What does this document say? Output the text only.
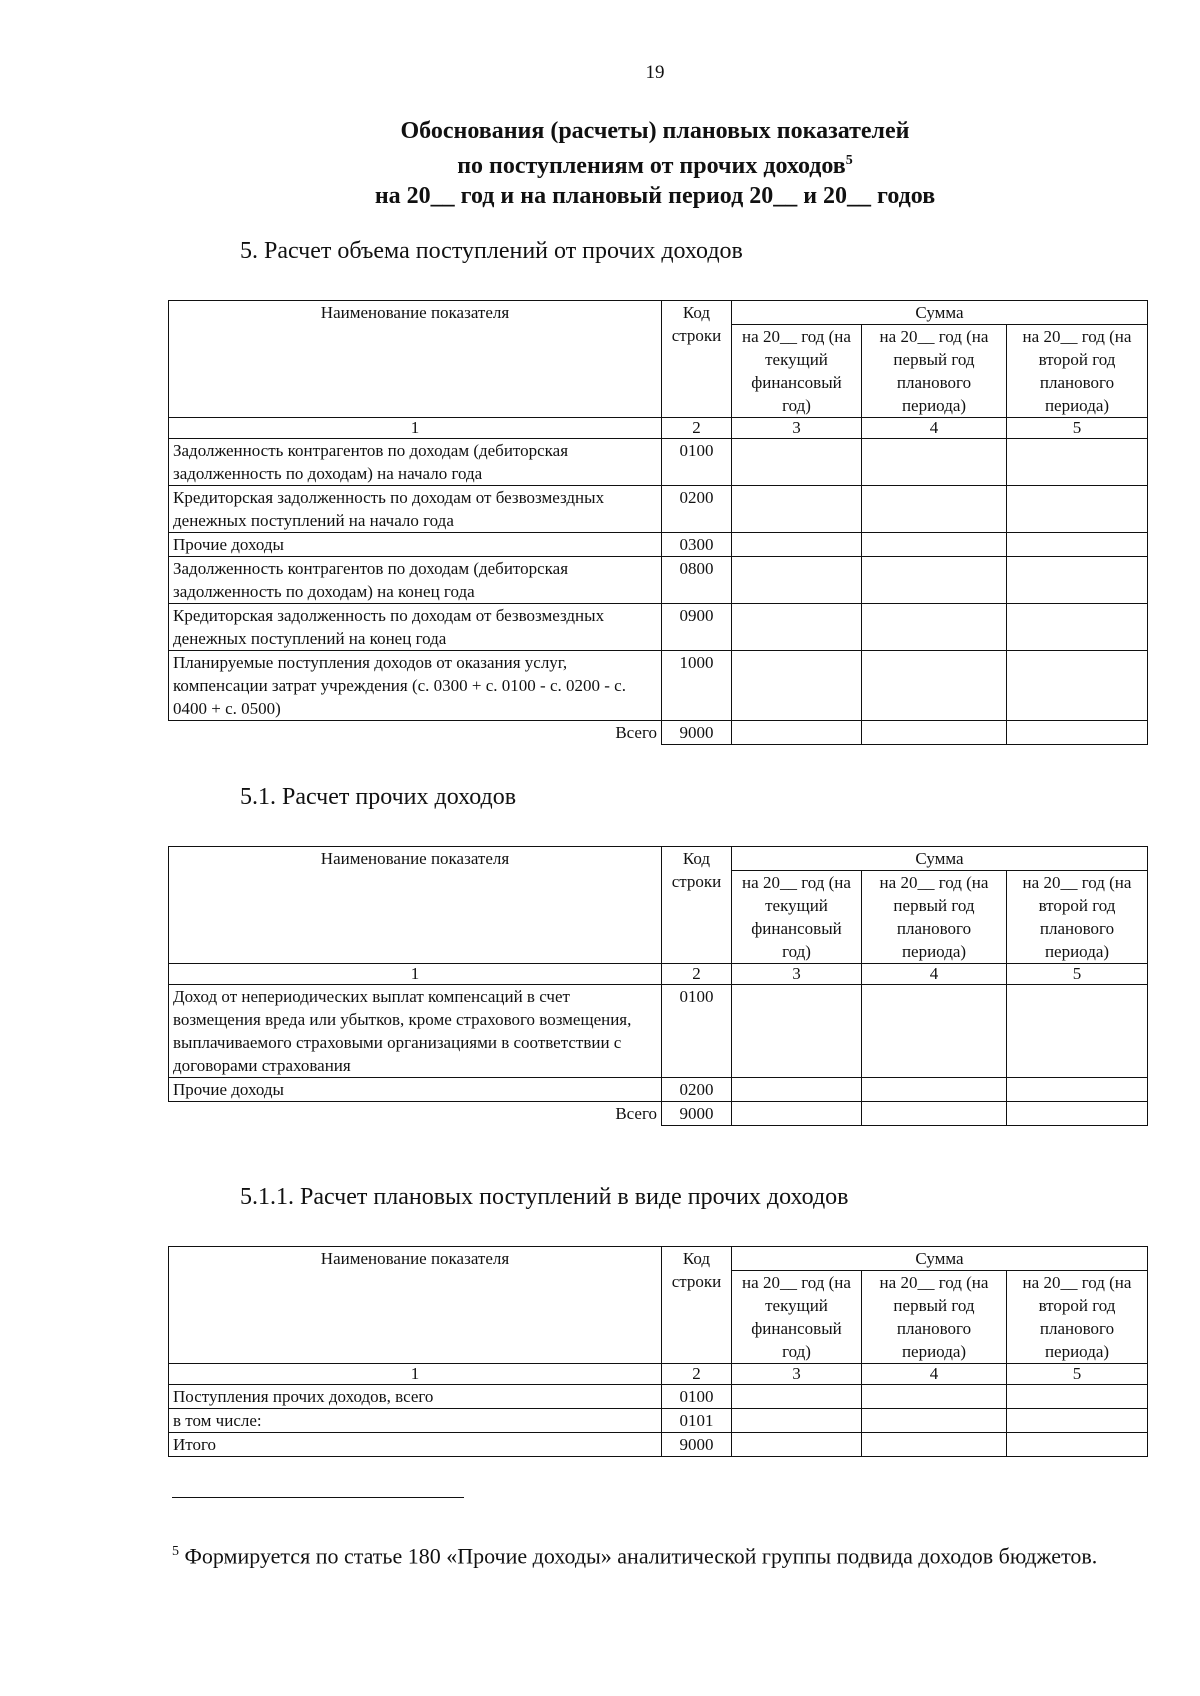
19
Обоснования (расчеты) плановых показателей
по поступлениям от прочих доходов$^5$
на 20__ год и на плановый период 20__ и 20__ годов
5. Расчет объема поступлений от прочих доходов
Наименование показателя	Код строки	Сумма		
		на 20__ год (на текущий финансовый год)	на 20__ год (на первый год планового периода)	на 20__ год (на второй год планового периода)
1	2	3	4	5
Задолженность контрагентов по доходам (дебиторская задолженность по доходам) на начало года	0100			
Кредиторская задолженность по доходам от безвозмездных денежных поступлений на начало года	0200			
Прочие доходы	0300			
Задолженность контрагентов по доходам (дебиторская задолженность по доходам) на конец года	0800			
Кредиторская задолженность по доходам от безвозмездных денежных поступлений на конец года	0900			
Планируемые поступления доходов от оказания услуг, компенсации затрат учреждения (с. 0300 + с. 0100 - с. 0200 - с. 0400 + с. 0500)	1000			
Всего	9000			
5.1. Расчет прочих доходов
Наименование показателя	Код строки	Сумма		
		на 20__ год (на текущий финансовый год)	на 20__ год (на первый год планового периода)	на 20__ год (на второй год планового периода)
1	2	3	4	5
Доход от непериодических выплат компенсаций в счет возмещения вреда или убытков, кроме страхового возмещения, выплачиваемого страховыми организациями в соответствии с договорами страхования	0100			
Прочие доходы	0200			
Всего	9000			
5.1.1. Расчет плановых поступлений в виде прочих доходов
Наименование показателя	Код строки	Сумма		
		на 20__ год (на текущий финансовый год)	на 20__ год (на первый год планового периода)	на 20__ год (на второй год планового периода)
1	2	3	4	5
Поступления прочих доходов, всего	0100			
в том числе:	0101			
Итого	9000			
$^5$ Формируется по статье 180 «Прочие доходы» аналитической группы подвида доходов бюджетов.
